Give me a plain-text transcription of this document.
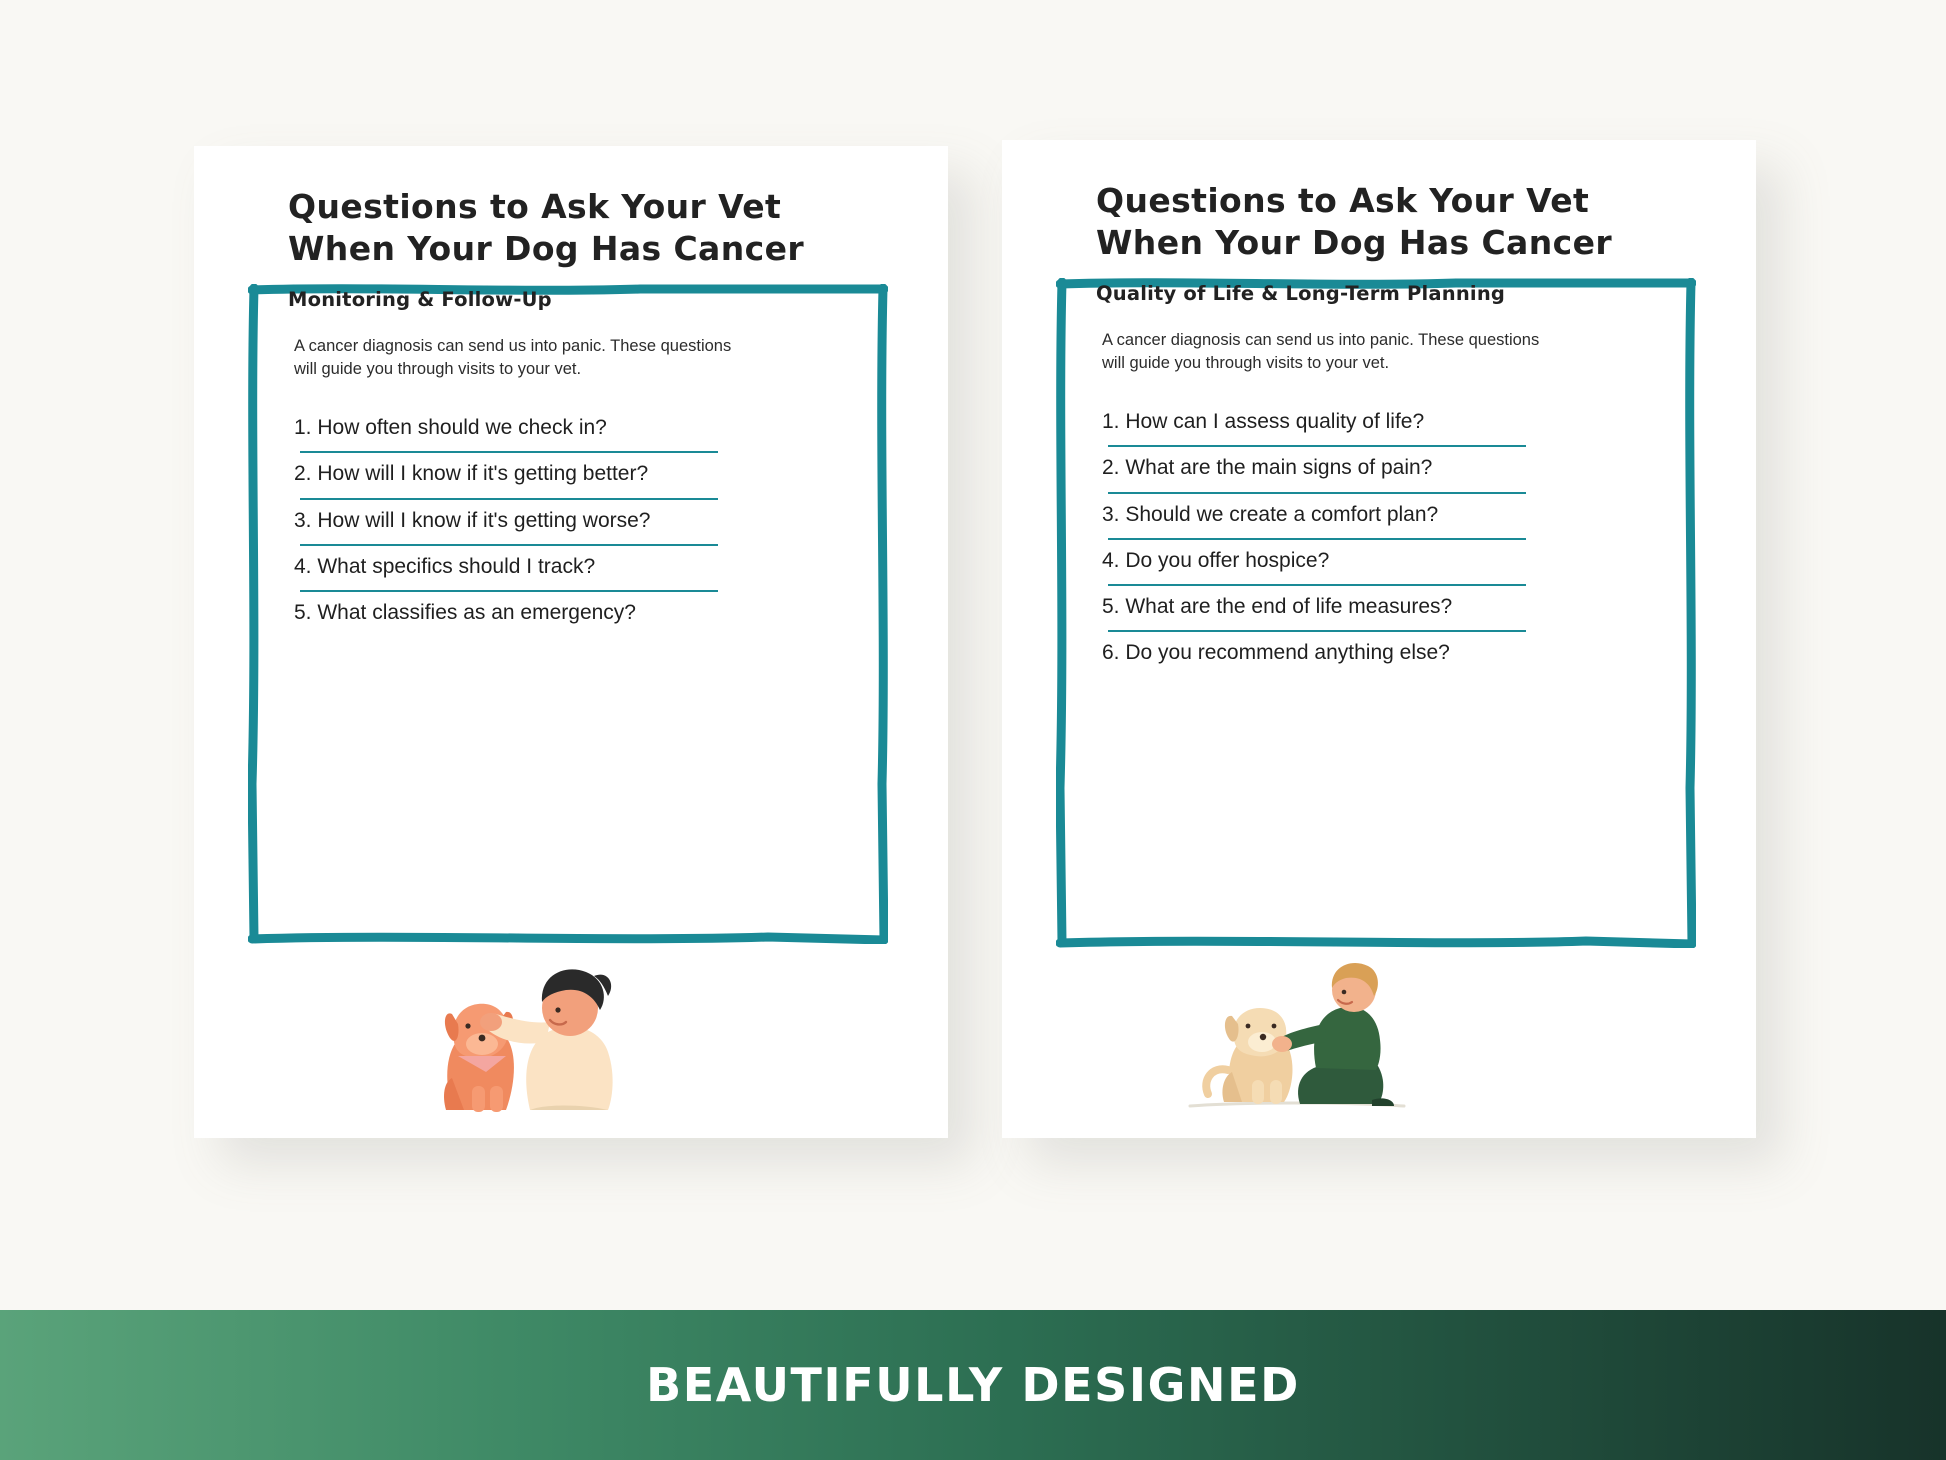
Questions to Ask Your Vet
When Your Dog Has Cancer
Monitoring & Follow-Up

A cancer diagnosis can send us into panic. These questions will guide you through visits to your vet.

1. How often should we check in?
2. How will I know if it's getting better?
3. How will I know if it's getting worse?
4. What specifics should I track?
5. What classifies as an emergency?
Questions to Ask Your Vet
When Your Dog Has Cancer
Quality of Life & Long-Term Planning

A cancer diagnosis can send us into panic. These questions will guide you through visits to your vet.

1. How can I assess quality of life?
2. What are the main signs of pain?
3. Should we create a comfort plan?
4. Do you offer hospice?
5. What are the end of life measures?
6. Do you recommend anything else?
BEAUTIFULLY DESIGNED
